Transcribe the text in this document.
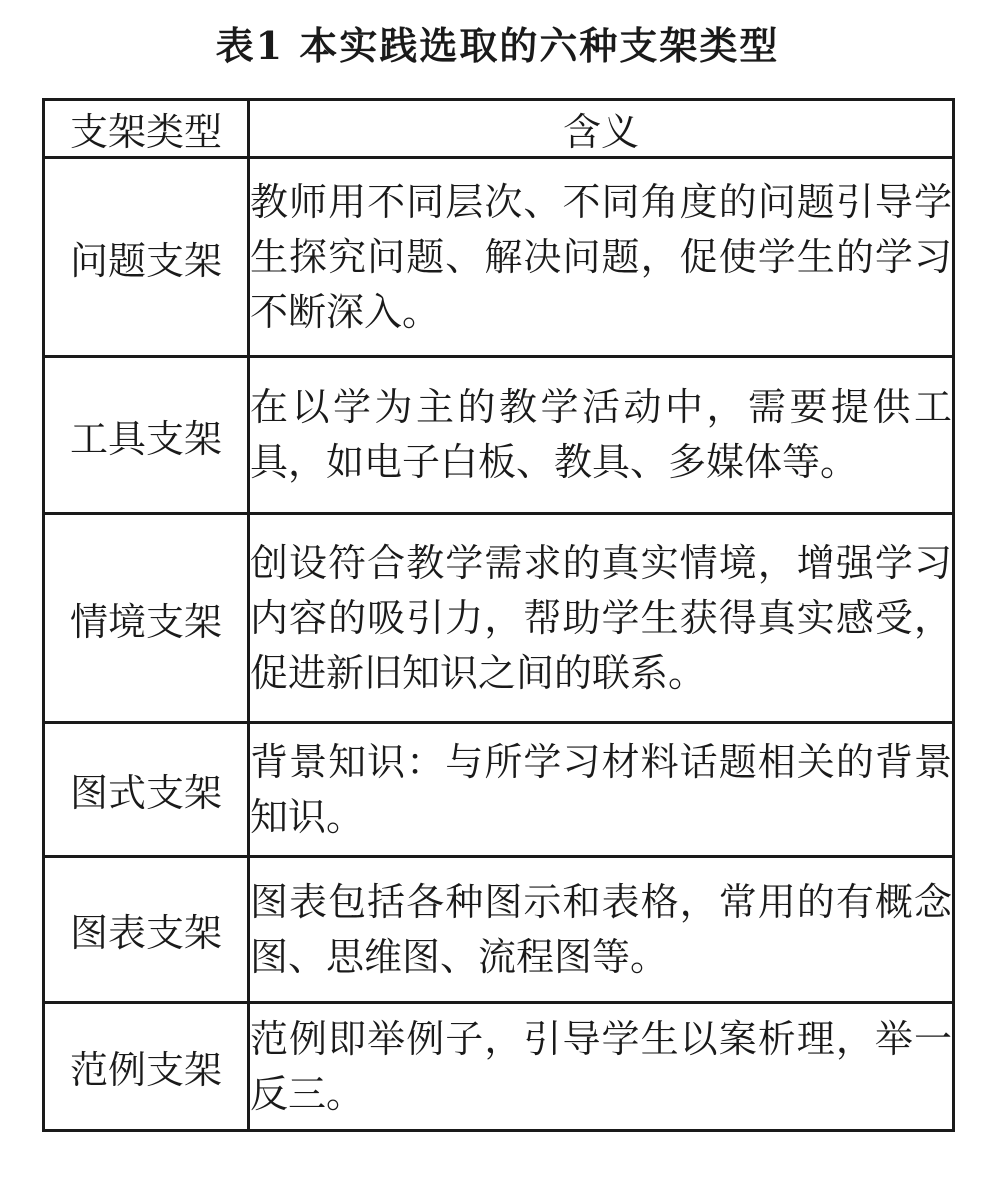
表1 本实践选取的六种支架类型
支架类型	含义
问题支架	教师用不同层次、不同角度的问题引导学生探究问题、解决问题，促使学生的学习不断深入。
工具支架	在以学为主的教学活动中，需要提供工具，如电子白板、教具、多媒体等。
情境支架	创设符合教学需求的真实情境，增强学习内容的吸引力，帮助学生获得真实感受，促进新旧知识之间的联系。
图式支架	背景知识：与所学习材料话题相关的背景知识。
图表支架	图表包括各种图示和表格，常用的有概念图、思维图、流程图等。
范例支架	范例即举例子，引导学生以案析理，举一反三。
